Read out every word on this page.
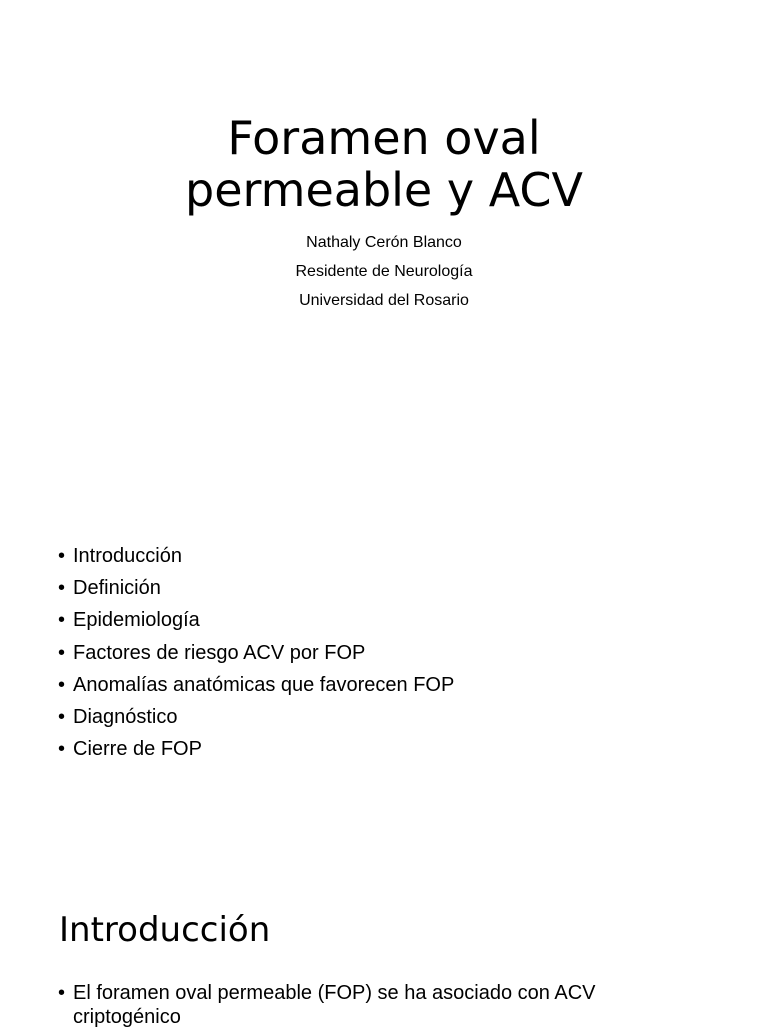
Foramen oval
permeable y ACV
Nathaly Cerón Blanco
Residente de Neurología
Universidad del Rosario
• Introducción
• Definición
• Epidemiología
• Factores de riesgo ACV por FOP
• Anomalías anatómicas que favorecen FOP
• Diagnóstico
• Cierre de FOP
Introducción
• El foramen oval permeable (FOP) se ha asociado con ACV criptogénico
